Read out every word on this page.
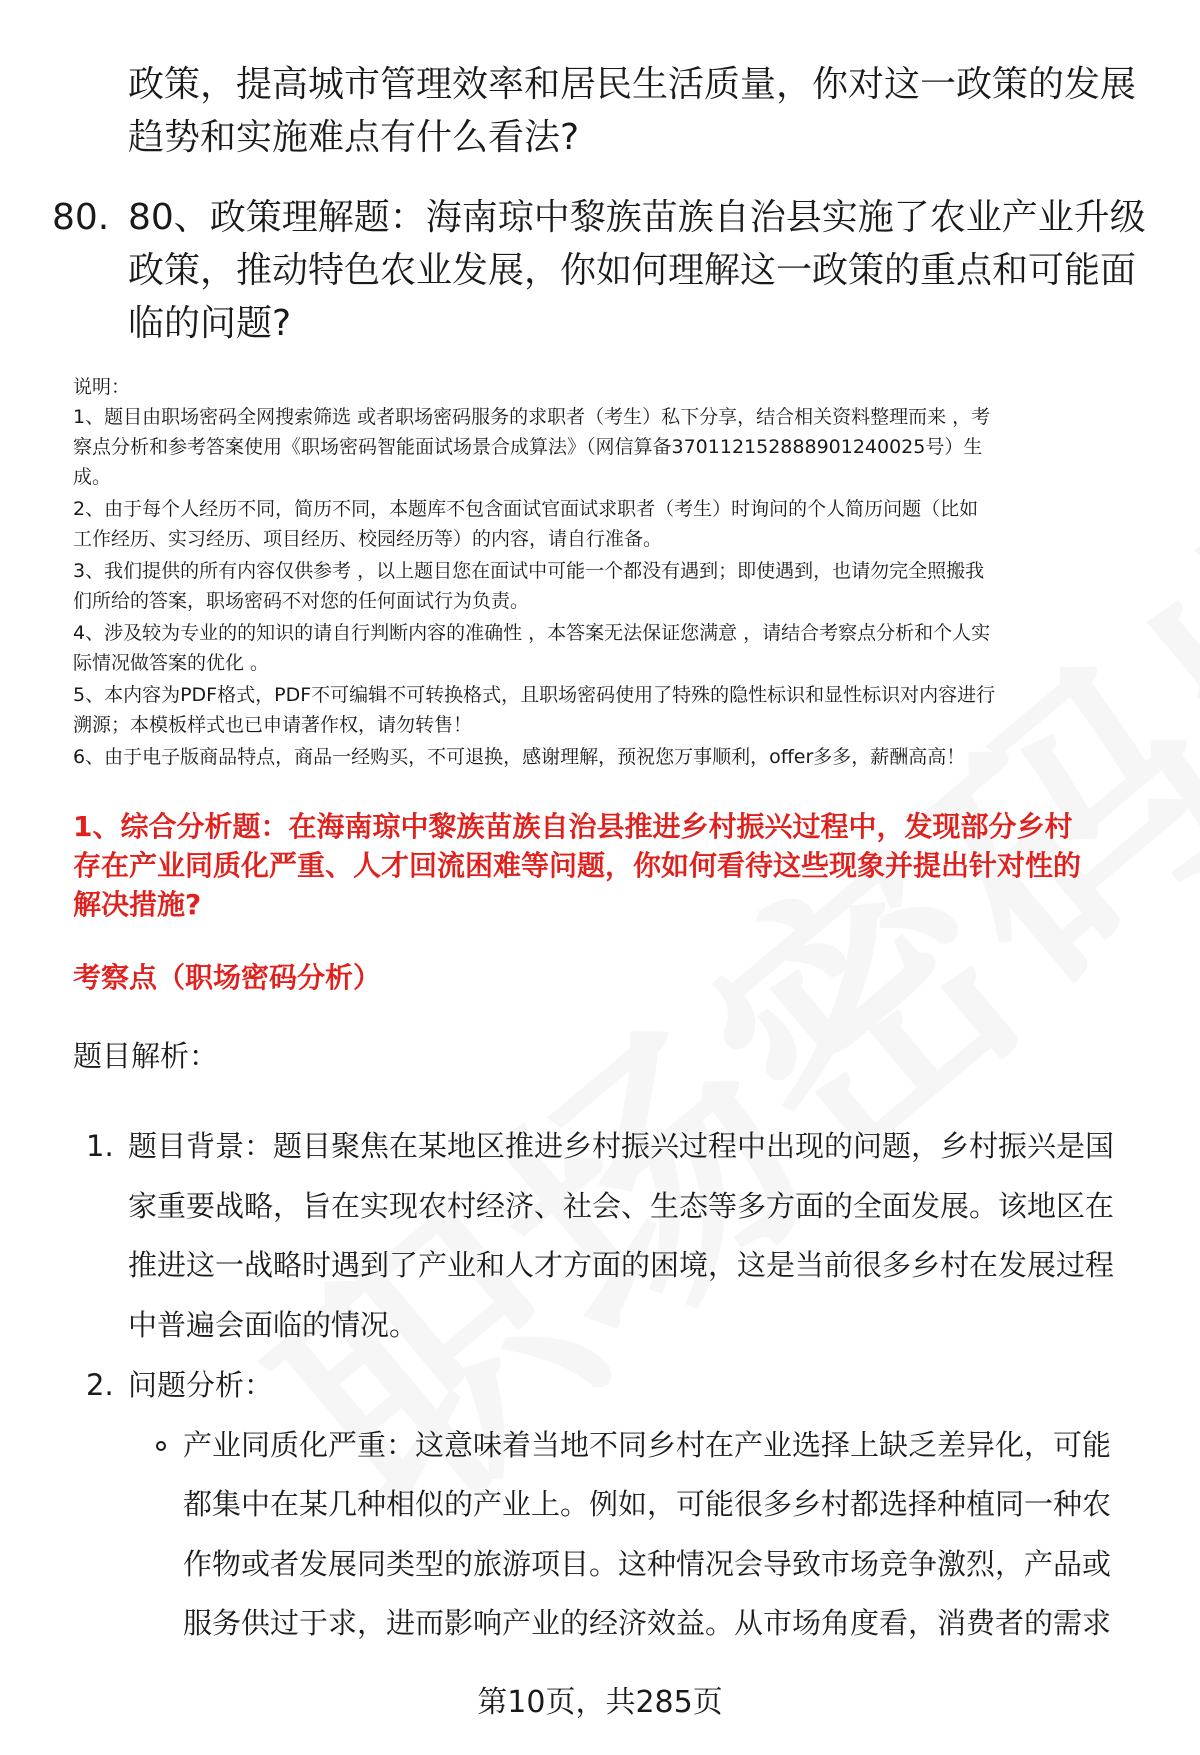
政策，提高城市管理效率和居民生活质量，你对这一政策的发展
趋势和实施难点有什么看法?
80. 80、政策理解题：海南琼中黎族苗族自治县实施了农业产业升级
政策，推动特色农业发展，你如何理解这一政策的重点和可能面
临的问题?
说明：
1、题目由职场密码全网搜索筛选 或者职场密码服务的求职者（考生）私下分享，结合相关资料整理而来 ，考
察点分析和参考答案使用《职场密码智能面试场景合成算法》（网信算备370112152888901240025号）生
成。
2、由于每个人经历不同，简历不同，本题库不包含面试官面试求职者（考生）时询问的个人简历问题（比如
工作经历、实习经历、项目经历、校园经历等）的内容，请自行准备。
3、我们提供的所有内容仅供参考 ，以上题目您在面试中可能一个都没有遇到；即使遇到，也请勿完全照搬我
们所给的答案，职场密码不对您的任何面试行为负责。
4、涉及较为专业的的知识的请自行判断内容的准确性 ，本答案无法保证您满意 ，请结合考察点分析和个人实
际情况做答案的优化 。
5、本内容为PDF格式，PDF不可编辑不可转换格式，且职场密码使用了特殊的隐性标识和显性标识对内容进行
溯源；本模板样式也已申请著作权，请勿转售！
6、由于电子版商品特点，商品一经购买，不可退换，感谢理解，预祝您万事顺利，offer多多，薪酬高高！
1、综合分析题：在海南琼中黎族苗族自治县推进乡村振兴过程中，发现部分乡村
存在产业同质化严重、人才回流困难等问题，你如何看待这些现象并提出针对性的
解决措施?
考察点（职场密码分析）
题目解析：
1. 题目背景：题目聚焦在某地区推进乡村振兴过程中出现的问题，乡村振兴是国
家重要战略，旨在实现农村经济、社会、生态等多方面的全面发展。该地区在
推进这一战略时遇到了产业和人才方面的困境，这是当前很多乡村在发展过程
中普遍会面临的情况。
2. 问题分析：
产业同质化严重：这意味着当地不同乡村在产业选择上缺乏差异化，可能
都集中在某几种相似的产业上。例如，可能很多乡村都选择种植同一种农
作物或者发展同类型的旅游项目。这种情况会导致市场竞争激烈，产品或
服务供过于求，进而影响产业的经济效益。从市场角度看，消费者的需求
第10页，共285页
